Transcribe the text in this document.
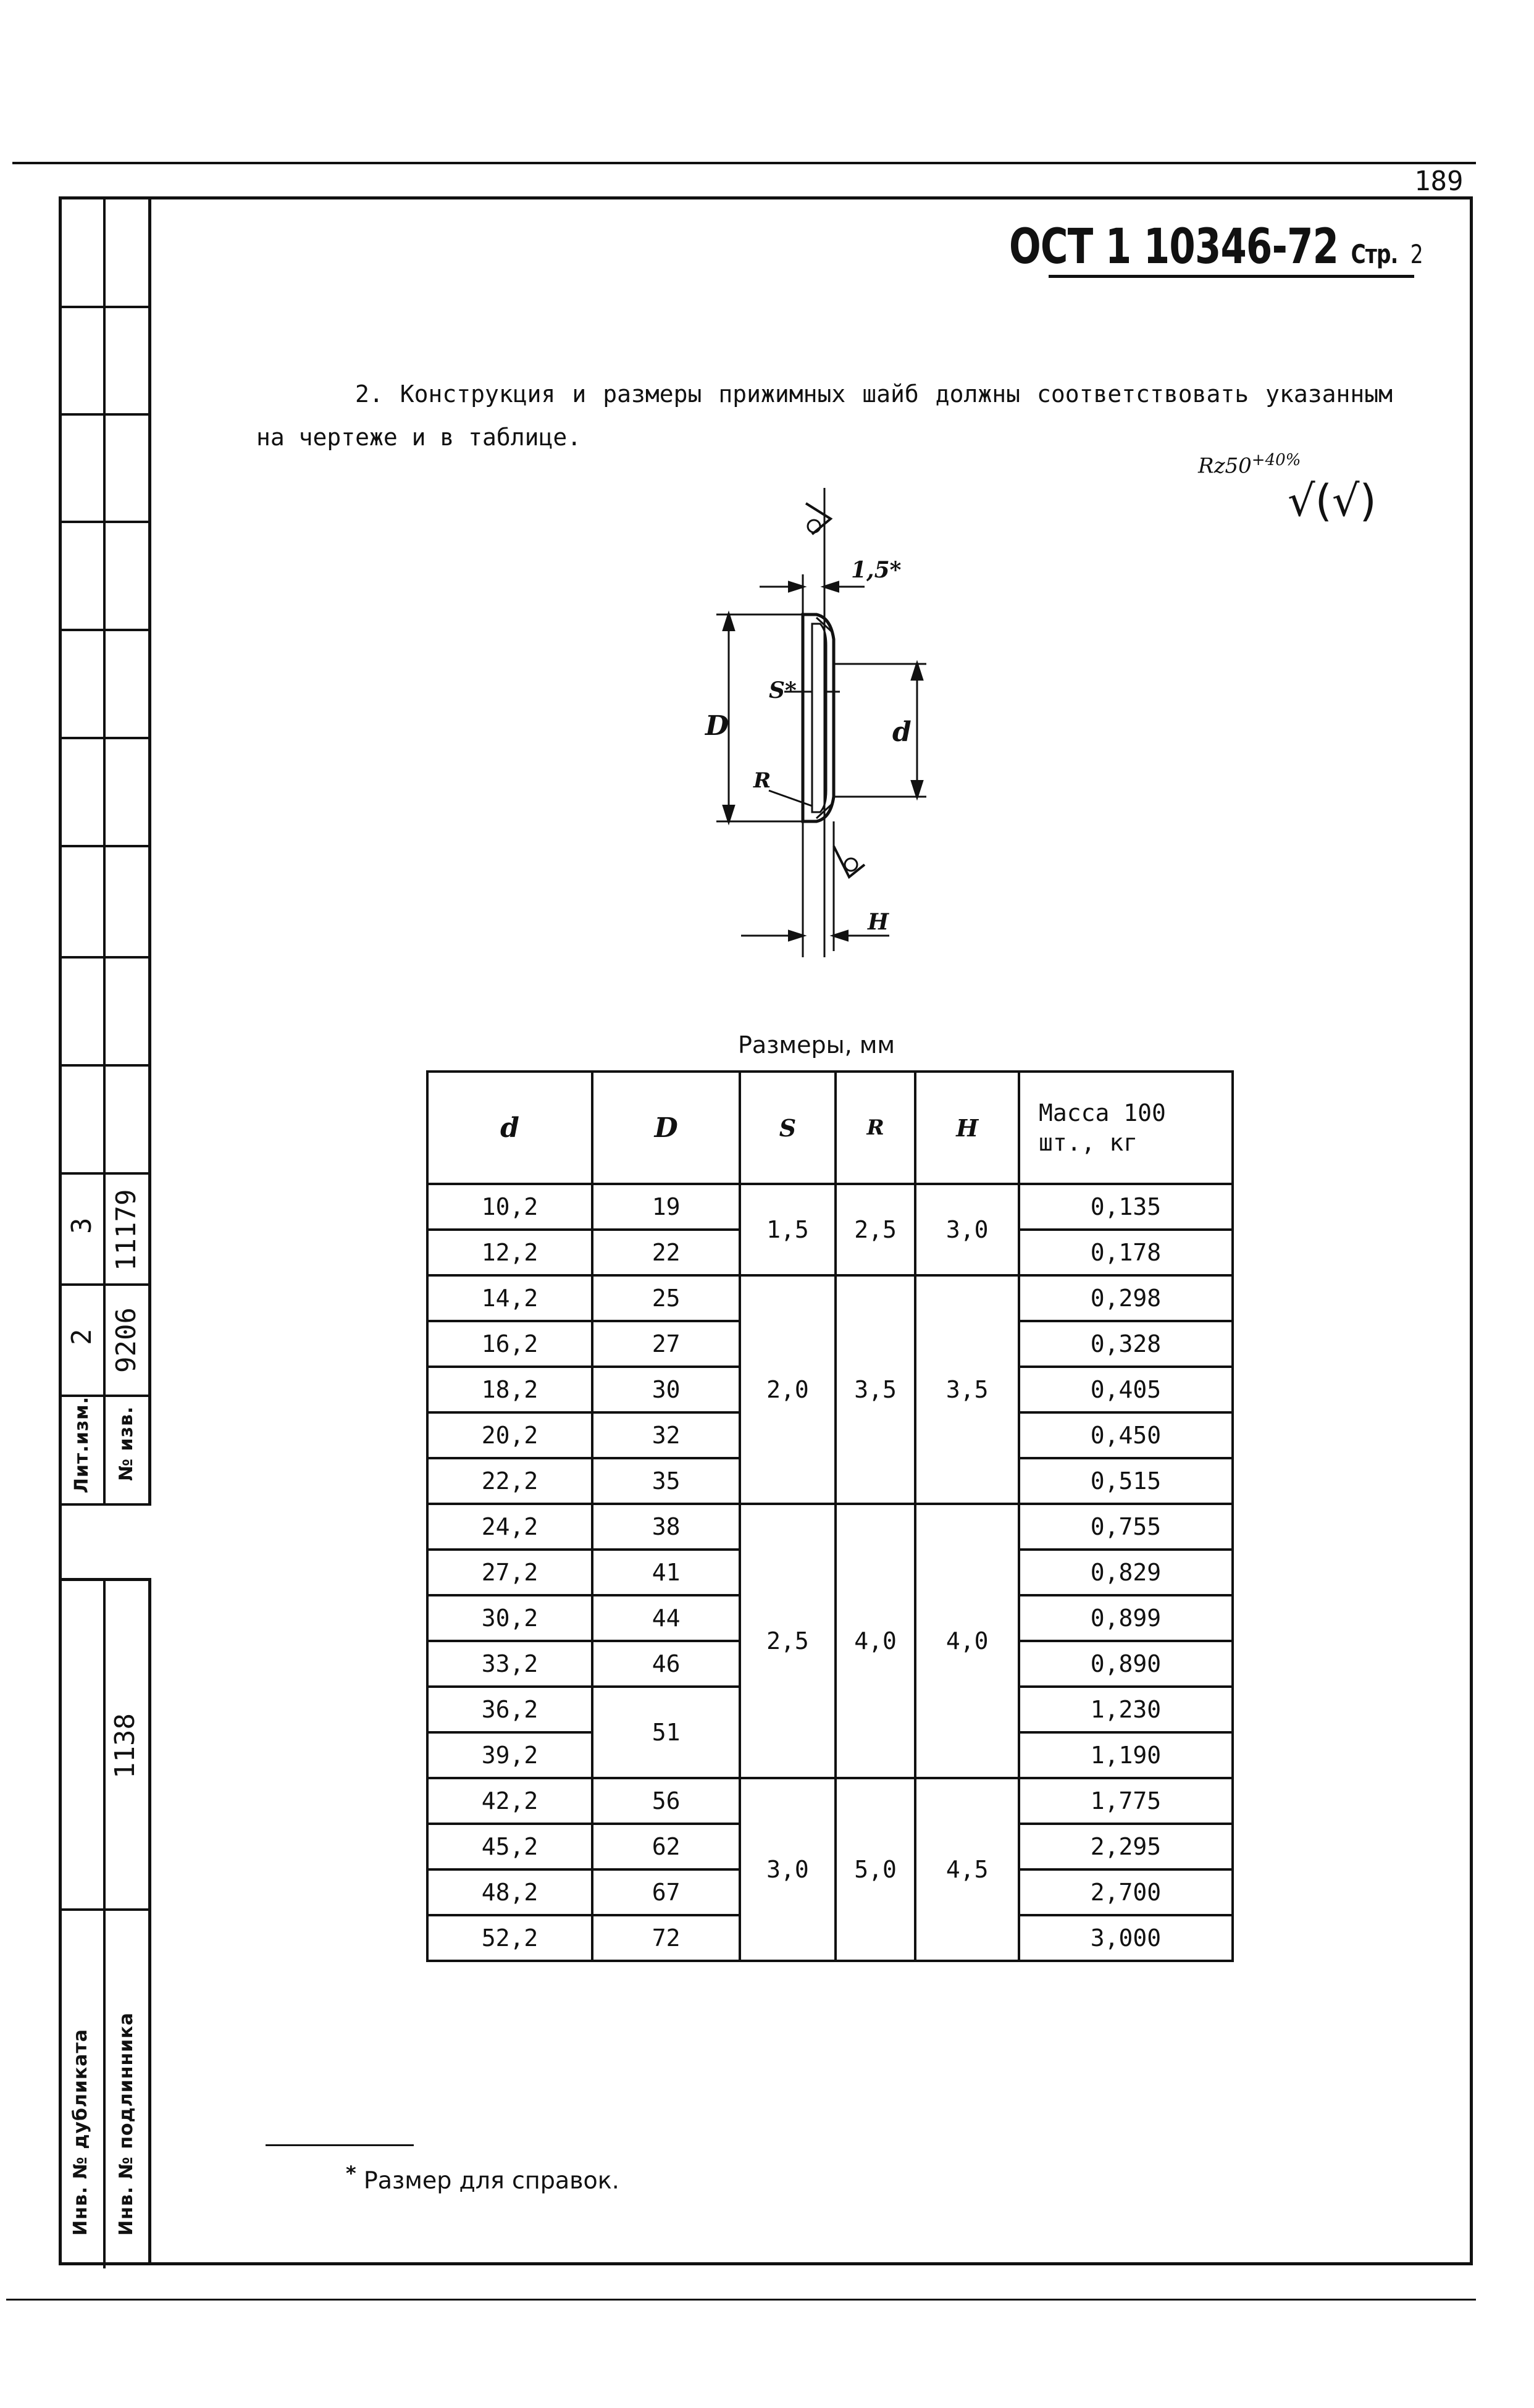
189
3 11179
2 9206
Лит.изм. № изв.
1138
Инв. № дубликата Инв. № подлинника
ОСТ 1 10346-72 Стр. 2
2. Конструкция и размеры прижимных шайб должны соответствовать указанным на чертеже и в таблице.
$Rz50^{+40\%}$
√(√)
1,5*
S*
D	d
R
H
Размеры, мм
d	D	S	R	H	Масса 100 шт., кг
10,2	19	1,5	2,5	3,0	0,135
12,2	22				0,178
14,2	25	2,0	3,5	3,5	0,298
16,2	27				0,328
18,2	30				0,405
20,2	32				0,450
22,2	35				0,515
24,2	38	2,5	4,0	4,0	0,755
27,2	41				0,829
30,2	44				0,899
33,2	46				0,890
36,2	51				1,230
39,2					1,190
42,2	56	3,0	5,0	4,5	1,775
45,2	62				2,295
48,2	67				2,700
52,2	72				3,000
* Размер для справок.
